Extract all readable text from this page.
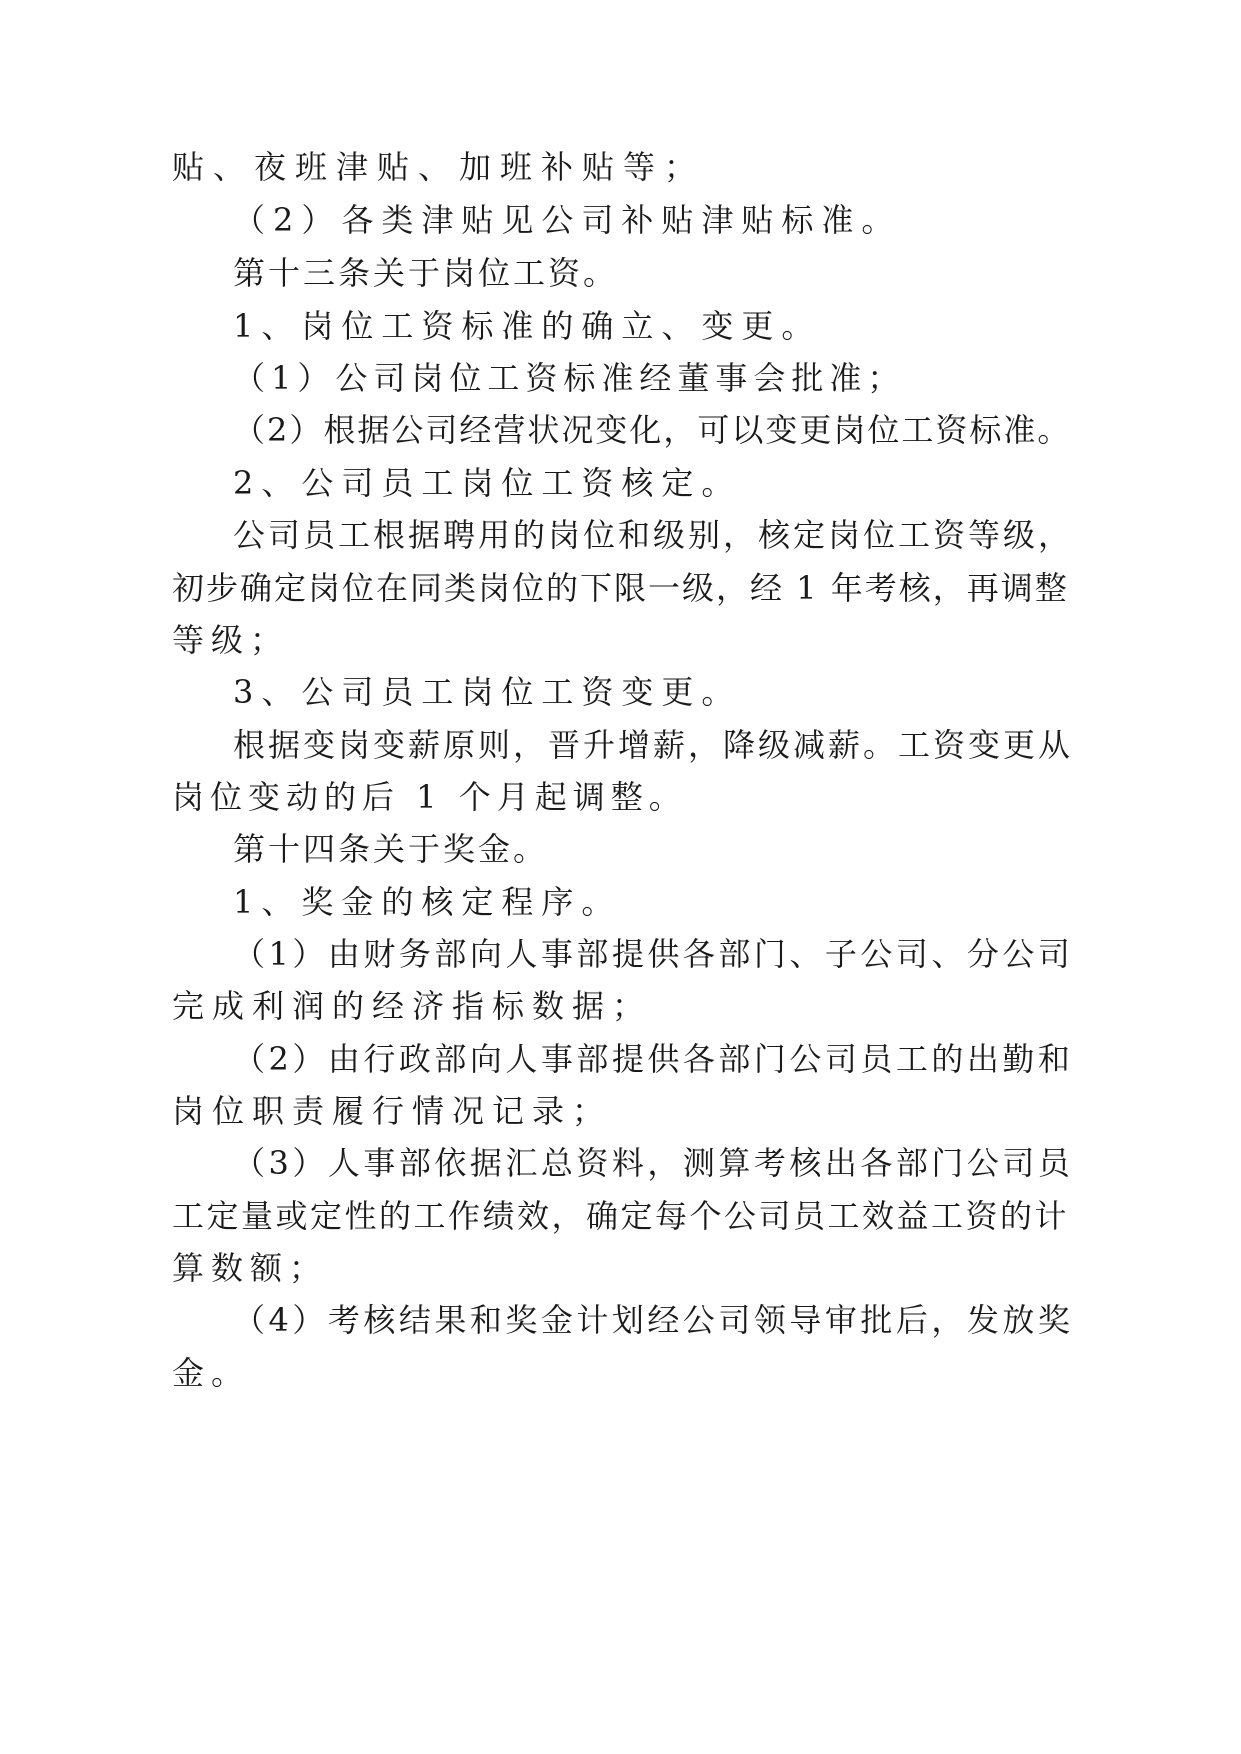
贴、夜班津贴、加班补贴等；
（2）各类津贴见公司补贴津贴标准。
第十三条关于岗位工资。
1、岗位工资标准的确立、变更。
（1）公司岗位工资标准经董事会批准；
（2）根据公司经营状况变化，可以变更岗位工资标准。
2、公司员工岗位工资核定。
公司员工根据聘用的岗位和级别，核定岗位工资等级，
初步确定岗位在同类岗位的下限一级，经 1 年考核，再调整
等级；
3、公司员工岗位工资变更。
根据变岗变薪原则，晋升增薪，降级减薪。工资变更从
岗位变动的后 1 个月起调整。
第十四条关于奖金。
1、奖金的核定程序。
（1）由财务部向人事部提供各部门、子公司、分公司
完成利润的经济指标数据；
（2）由行政部向人事部提供各部门公司员工的出勤和
岗位职责履行情况记录；
（3）人事部依据汇总资料，测算考核出各部门公司员
工定量或定性的工作绩效，确定每个公司员工效益工资的计
算数额；
（4）考核结果和奖金计划经公司领导审批后，发放奖
金。
